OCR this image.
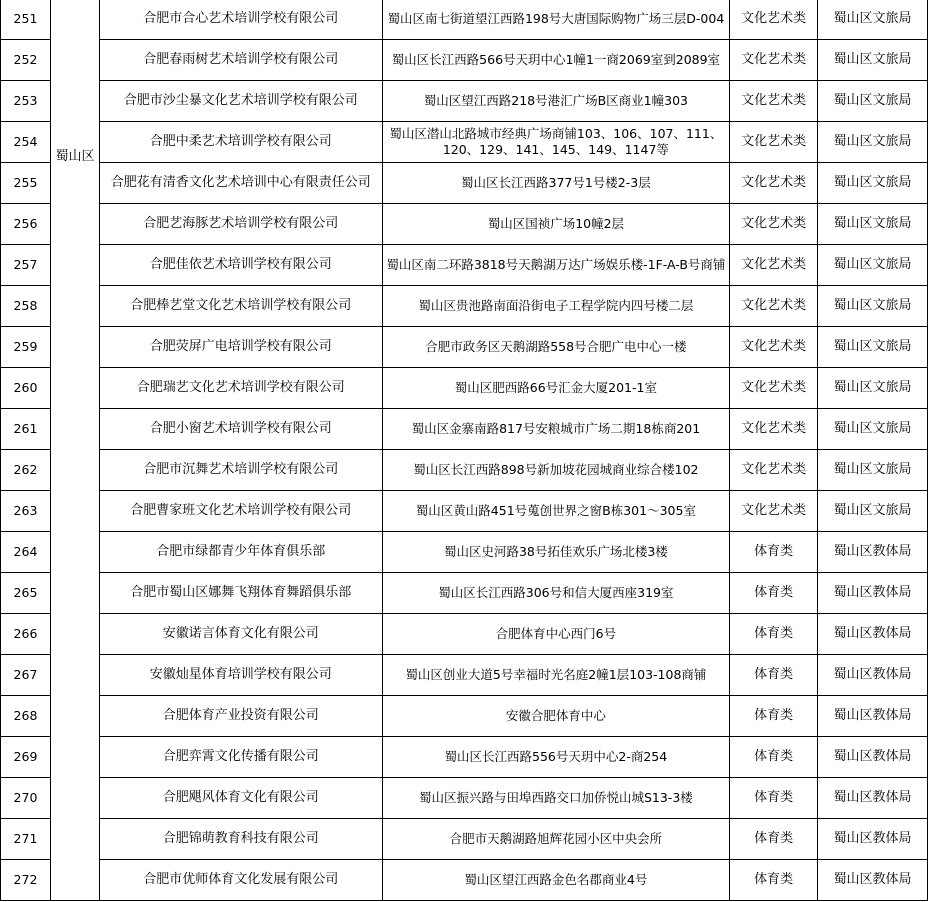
251	蜀山区	合肥市合心艺术培训学校有限公司	蜀山区南七街道望江西路198号大唐国际购物广场三层D-004	文化艺术类	蜀山区文旅局
252		合肥春雨树艺术培训学校有限公司	蜀山区长江西路566号天玥中心1幢1一商2069室到2089室	文化艺术类	蜀山区文旅局
253		合肥市沙尘暴文化艺术培训学校有限公司	蜀山区望江西路218号港汇广场B区商业1幢303	文化艺术类	蜀山区文旅局
254		合肥中柔艺术培训学校有限公司	蜀山区潜山北路城市经典广场商铺103、106、107、111、120、129、141、145、149、1147等	文化艺术类	蜀山区文旅局
255		合肥花有清香文化艺术培训中心有限责任公司	蜀山区长江西路377号1号楼2-3层	文化艺术类	蜀山区文旅局
256		合肥艺海豚艺术培训学校有限公司	蜀山区国祯广场10幢2层	文化艺术类	蜀山区文旅局
257		合肥佳依艺术培训学校有限公司	蜀山区南二环路3818号天鹅湖万达广场娱乐楼-1F-A-B号商铺	文化艺术类	蜀山区文旅局
258		合肥棒艺堂文化艺术培训学校有限公司	蜀山区贵池路南面沿街电子工程学院内四号楼二层	文化艺术类	蜀山区文旅局
259		合肥荧屏广电培训学校有限公司	合肥市政务区天鹅湖路558号合肥广电中心一楼	文化艺术类	蜀山区文旅局
260		合肥瑞艺文化艺术培训学校有限公司	蜀山区肥西路66号汇金大厦201-1室	文化艺术类	蜀山区文旅局
261		合肥小窗艺术培训学校有限公司	蜀山区金寨南路817号安粮城市广场二期18栋商201	文化艺术类	蜀山区文旅局
262		合肥市沉舞艺术培训学校有限公司	蜀山区长江西路898号新加坡花园城商业综合楼102	文化艺术类	蜀山区文旅局
263		合肥曹家班文化艺术培训学校有限公司	蜀山区黄山路451号蒐创世界之窗B栋301～305室	文化艺术类	蜀山区文旅局
264		合肥市绿都青少年体育俱乐部	蜀山区史河路38号拓佳欢乐广场北楼3楼	体育类	蜀山区教体局
265		合肥市蜀山区娜舞飞翔体育舞蹈俱乐部	蜀山区长江西路306号和信大厦西座319室	体育类	蜀山区教体局
266		安徽诺言体育文化有限公司	合肥体育中心西门6号	体育类	蜀山区教体局
267		安徽灿星体育培训学校有限公司	蜀山区创业大道5号幸福时光名庭2幢1层103-108商铺	体育类	蜀山区教体局
268		合肥体育产业投资有限公司	安徽合肥体育中心	体育类	蜀山区教体局
269		合肥弈霄文化传播有限公司	蜀山区长江西路556号天玥中心2-商254	体育类	蜀山区教体局
270		合肥飓风体育文化有限公司	蜀山区振兴路与田埠西路交口加侨悦山城S13-3楼	体育类	蜀山区教体局
271		合肥锦萌教育科技有限公司	合肥市天鹅湖路旭辉花园小区中央会所	体育类	蜀山区教体局
272		合肥市优师体育文化发展有限公司	蜀山区望江西路金色名郡商业4号	体育类	蜀山区教体局
